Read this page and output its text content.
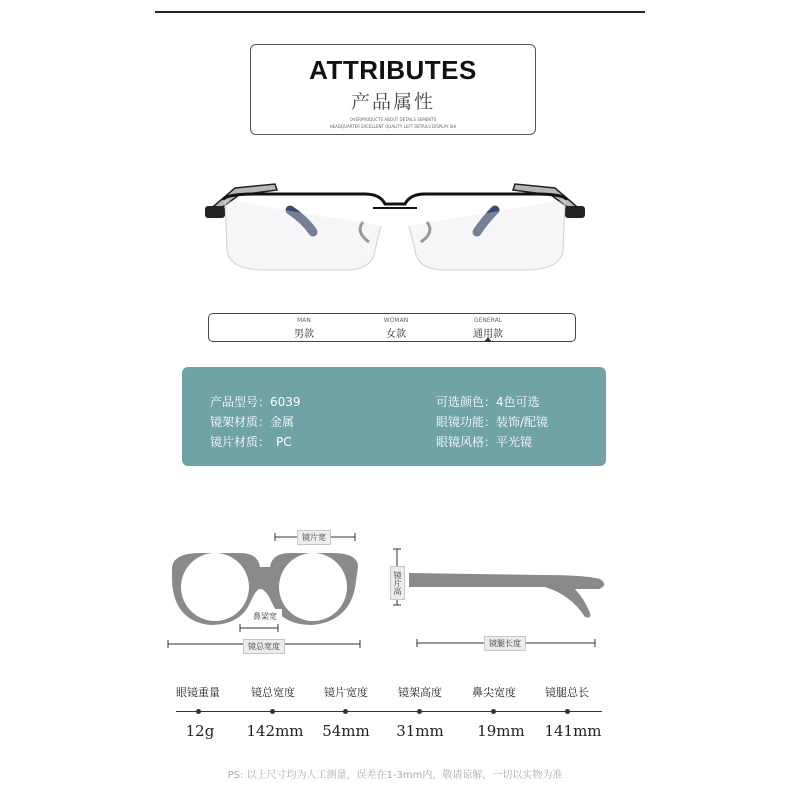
ATTRIBUTES
产品属性
OVERPRODUCTS ABOUT DETAILS SEMENTS
HEADQUARTER EXCELLENT QUALITY LEFT DETAILS DISPLAY SHI
MAN
男款
WOMAN
女款
GENERAL
通用款
产品型号：6039
镜架材质：金属
镜片材质： PC
可选颜色：4色可选
眼镜功能：装饰/配镜
眼镜风格：平光镜
镜片宽
鼻梁宽
镜总宽度
镜片高
镜腿长度
眼镜重量	镜总宽度	镜片宽度	镜架高度	鼻尖宽度	镜腿总长
12g	142mm	54mm	31mm	19mm	141mm
PS: 以上尺寸均为人工测量，误差在1-3mm内，敬请谅解，一切以实物为准
